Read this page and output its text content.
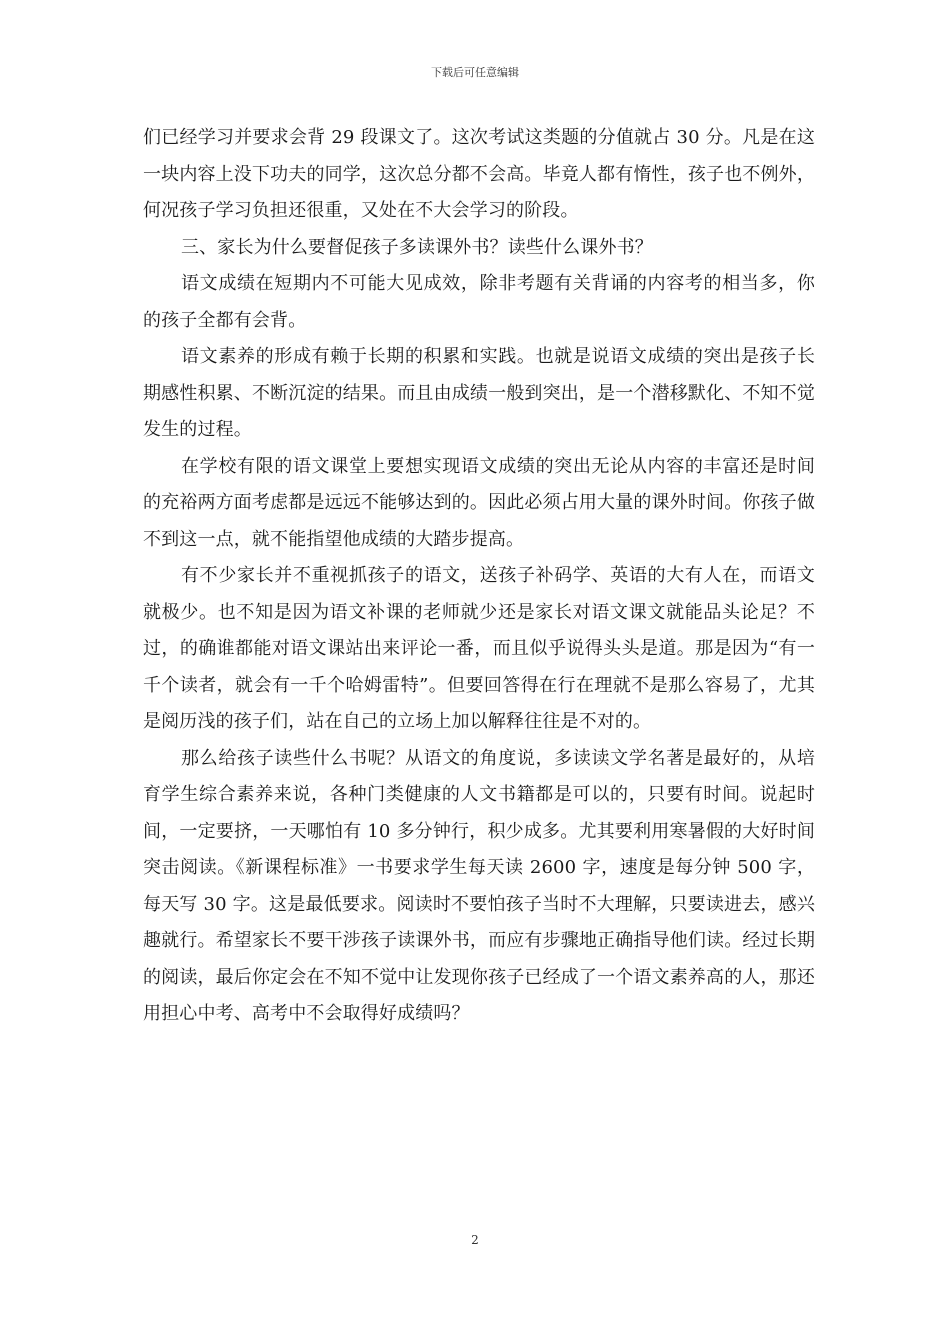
下载后可任意编辑

们已经学习并要求会背 29 段课文了。这次考试这类题的分值就占 30 分。凡是在这一块内容上没下功夫的同学，这次总分都不会高。毕竟人都有惰性，孩子也不例外，何况孩子学习负担还很重，又处在不大会学习的阶段。

三、家长为什么要督促孩子多读课外书？读些什么课外书？

语文成绩在短期内不可能大见成效，除非考题有关背诵的内容考的相当多，你的孩子全都有会背。

语文素养的形成有赖于长期的积累和实践。也就是说语文成绩的突出是孩子长期感性积累、不断沉淀的结果。而且由成绩一般到突出，是一个潜移默化、不知不觉发生的过程。

在学校有限的语文课堂上要想实现语文成绩的突出无论从内容的丰富还是时间的充裕两方面考虑都是远远不能够达到的。因此必须占用大量的课外时间。你孩子做不到这一点，就不能指望他成绩的大踏步提高。

有不少家长并不重视抓孩子的语文，送孩子补码学、英语的大有人在，而语文就极少。也不知是因为语文补课的老师就少还是家长对语文课文就能品头论足？不过，的确谁都能对语文课站出来评论一番，而且似乎说得头头是道。那是因为“有一千个读者，就会有一千个哈姆雷特”。但要回答得在行在理就不是那么容易了，尤其是阅历浅的孩子们，站在自己的立场上加以解释往往是不对的。

那么给孩子读些什么书呢？从语文的角度说，多读读文学名著是最好的，从培育学生综合素养来说，各种门类健康的人文书籍都是可以的，只要有时间。说起时间，一定要挤，一天哪怕有 10 多分钟行，积少成多。尤其要利用寒暑假的大好时间突击阅读。《新课程标准》一书要求学生每天读 2600 字，速度是每分钟 500 字，每天写 30 字。这是最低要求。阅读时不要怕孩子当时不大理解，只要读进去，感兴趣就行。希望家长不要干涉孩子读课外书，而应有步骤地正确指导他们读。经过长期的阅读，最后你定会在不知不觉中让发现你孩子已经成了一个语文素养高的人，那还用担心中考、高考中不会取得好成绩吗？

2
